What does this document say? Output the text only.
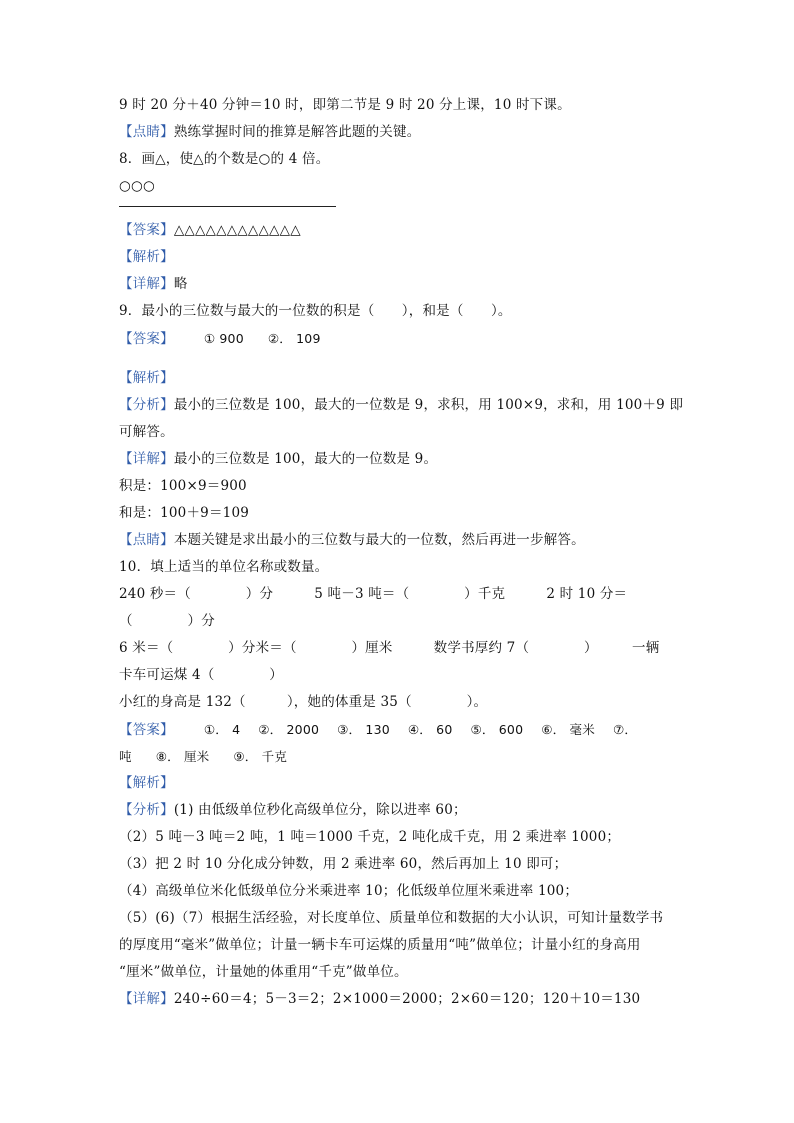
9 时 20 分＋40 分钟＝10 时，即第二节是 9 时 20 分上课，10 时下课。
【点睛】熟练掌握时间的推算是解答此题的关键。
8．画△，使△的个数是○的 4 倍。
○○○
【答案】△△△△△△△△△△△△
【解析】
【详解】略
9．最小的三位数与最大的一位数的积是（　　），和是（　　）。
【答案】 ① 900 ②． 109
【解析】
【分析】最小的三位数是 100，最大的一位数是 9，求积，用 100×9，求和，用 100＋9 即
可解答。
【详解】最小的三位数是 100，最大的一位数是 9。
积是：100×9＝900
和是：100＋9＝109
【点睛】本题关键是求出最小的三位数与最大的一位数，然后再进一步解答。
10．填上适当的单位名称或数量。
240 秒＝（　　　　）分　　　5 吨－3 吨＝（　　　　）千克　　　2 时 10 分＝
（　　　　）分
6 米＝（　　　　）分米＝（　　　　）厘米　　　数学书厚约 7（　　　　）　　　一辆
卡车可运煤 4（　　　　）
小红的身高是 132（　　　），她的体重是 35（　　　　）。
【答案】 ①． 4 ②． 2000 ③． 130 ④． 60 ⑤． 600 ⑥． 毫米 ⑦．
吨 ⑧． 厘米 ⑨． 千克
【解析】
【分析】(1) 由低级单位秒化高级单位分，除以进率 60；
（2）5 吨－3 吨＝2 吨，1 吨＝1000 千克，2 吨化成千克，用 2 乘进率 1000；
（3）把 2 时 10 分化成分钟数，用 2 乘进率 60，然后再加上 10 即可；
（4）高级单位米化低级单位分米乘进率 10；化低级单位厘米乘进率 100；
（5）(6)（7）根据生活经验，对长度单位、质量单位和数据的大小认识，可知计量数学书
的厚度用“毫米”做单位；计量一辆卡车可运煤的质量用“吨”做单位；计量小红的身高用
“厘米”做单位，计量她的体重用“千克”做单位。
【详解】240÷60＝4；5－3＝2；2×1000＝2000；2×60＝120；120＋10＝130
